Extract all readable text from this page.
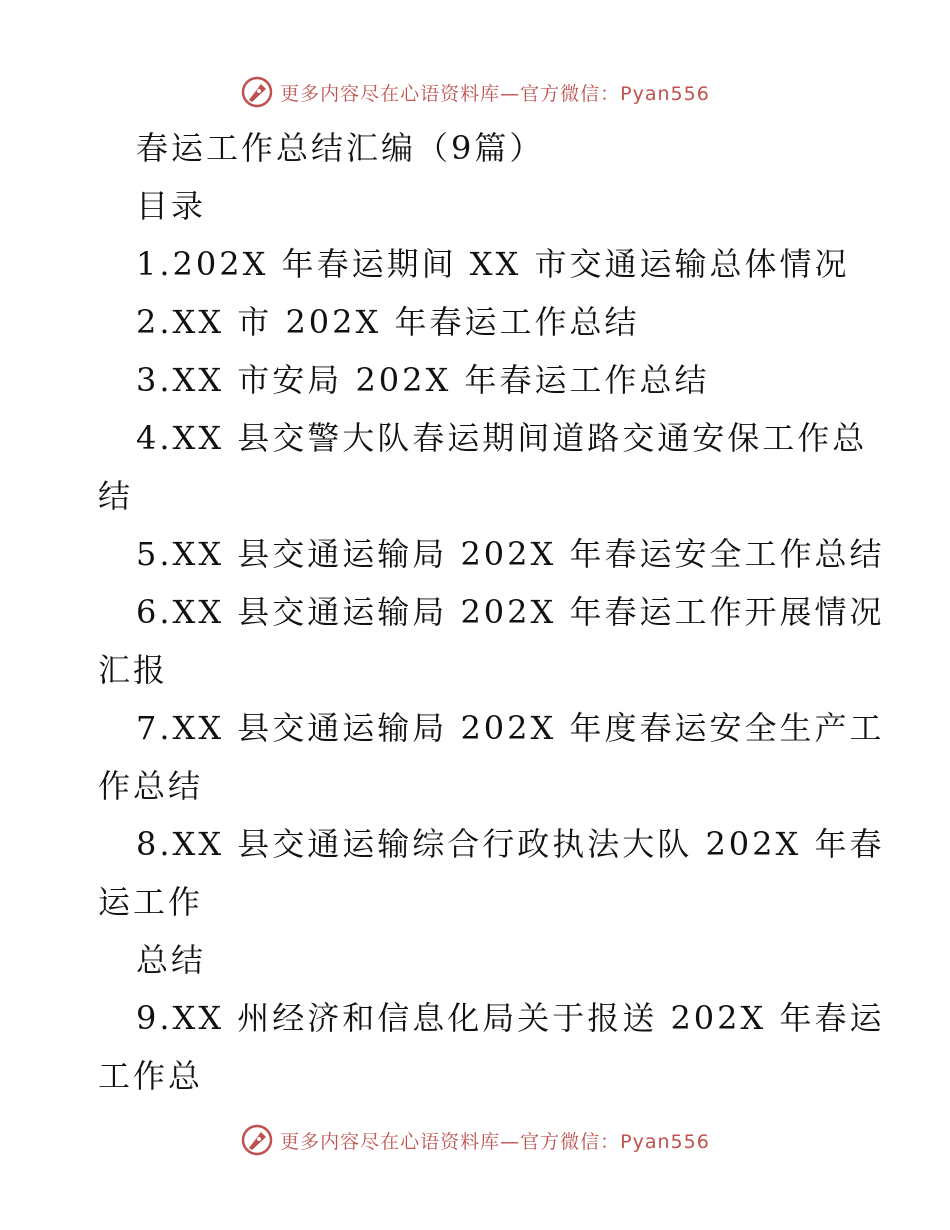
更多内容尽在心语资料库—官方微信：Pyan556
春运工作总结汇编（9篇）
目录
1.202X 年春运期间 XX 市交通运输总体情况
2.XX 市 202X 年春运工作总结
3.XX 市安局 202X 年春运工作总结
4.XX 县交警大队春运期间道路交通安保工作总
结
5.XX 县交通运输局 202X 年春运安全工作总结
6.XX 县交通运输局 202X 年春运工作开展情况
汇报
7.XX 县交通运输局 202X 年度春运安全生产工
作总结
8.XX 县交通运输综合行政执法大队 202X 年春
运工作
总结
9.XX 州经济和信息化局关于报送 202X 年春运
工作总
更多内容尽在心语资料库—官方微信：Pyan556
